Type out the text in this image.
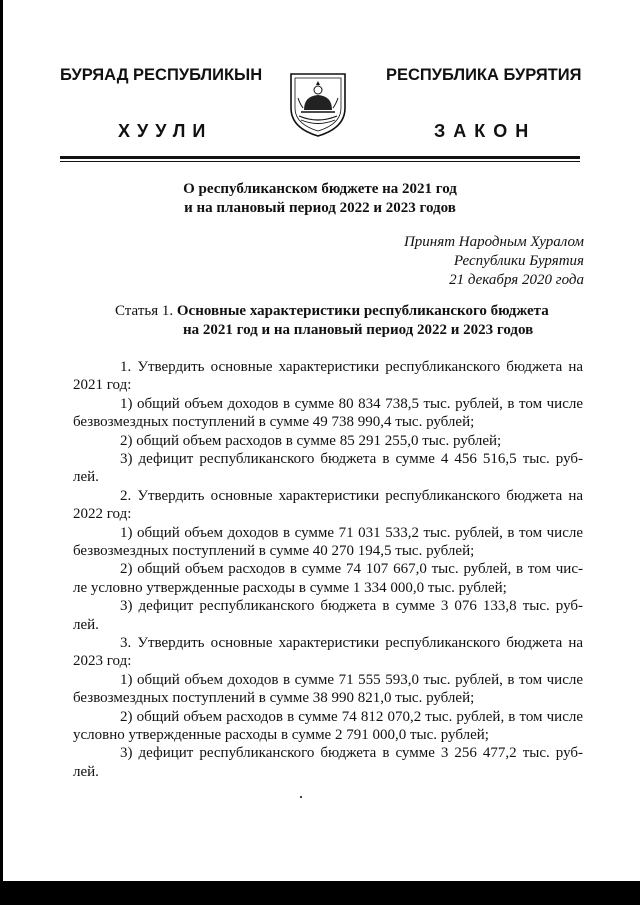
БУРЯАД РЕСПУБЛИКЫН	РЕСПУБЛИКА БУРЯТИЯ
ХУУЛИ	ЗАКОН
О республиканском бюджете на 2021 год
и на плановый период 2022 и 2023 годов
Принят Народным Хуралом
Республики Бурятия
21 декабря 2020 года
Статья 1. Основные характеристики республиканского бюджета
на 2021 год и на плановый период 2022 и 2023 годов
1. Утвердить основные характеристики республиканского бюджета на
2021 год:
1) общий объем доходов в сумме 80 834 738,5 тыс. рублей, в том числе
безвозмездных поступлений в сумме 49 738 990,4 тыс. рублей;
2) общий объем расходов в сумме 85 291 255,0 тыс. рублей;
3) дефицит республиканского бюджета в сумме 4 456 516,5 тыс. руб-
лей.
2. Утвердить основные характеристики республиканского бюджета на
2022 год:
1) общий объем доходов в сумме 71 031 533,2 тыс. рублей, в том числе
безвозмездных поступлений в сумме 40 270 194,5 тыс. рублей;
2) общий объем расходов в сумме 74 107 667,0 тыс. рублей, в том чис-
ле условно утвержденные расходы в сумме 1 334 000,0 тыс. рублей;
3) дефицит республиканского бюджета в сумме 3 076 133,8 тыс. руб-
лей.
3. Утвердить основные характеристики республиканского бюджета на
2023 год:
1) общий объем доходов в сумме 71 555 593,0 тыс. рублей, в том числе
безвозмездных поступлений в сумме 38 990 821,0 тыс. рублей;
2) общий объем расходов в сумме 74 812 070,2 тыс. рублей, в том числе
условно утвержденные расходы в сумме 2 791 000,0 тыс. рублей;
3) дефицит республиканского бюджета в сумме 3 256 477,2 тыс. руб-
лей.
